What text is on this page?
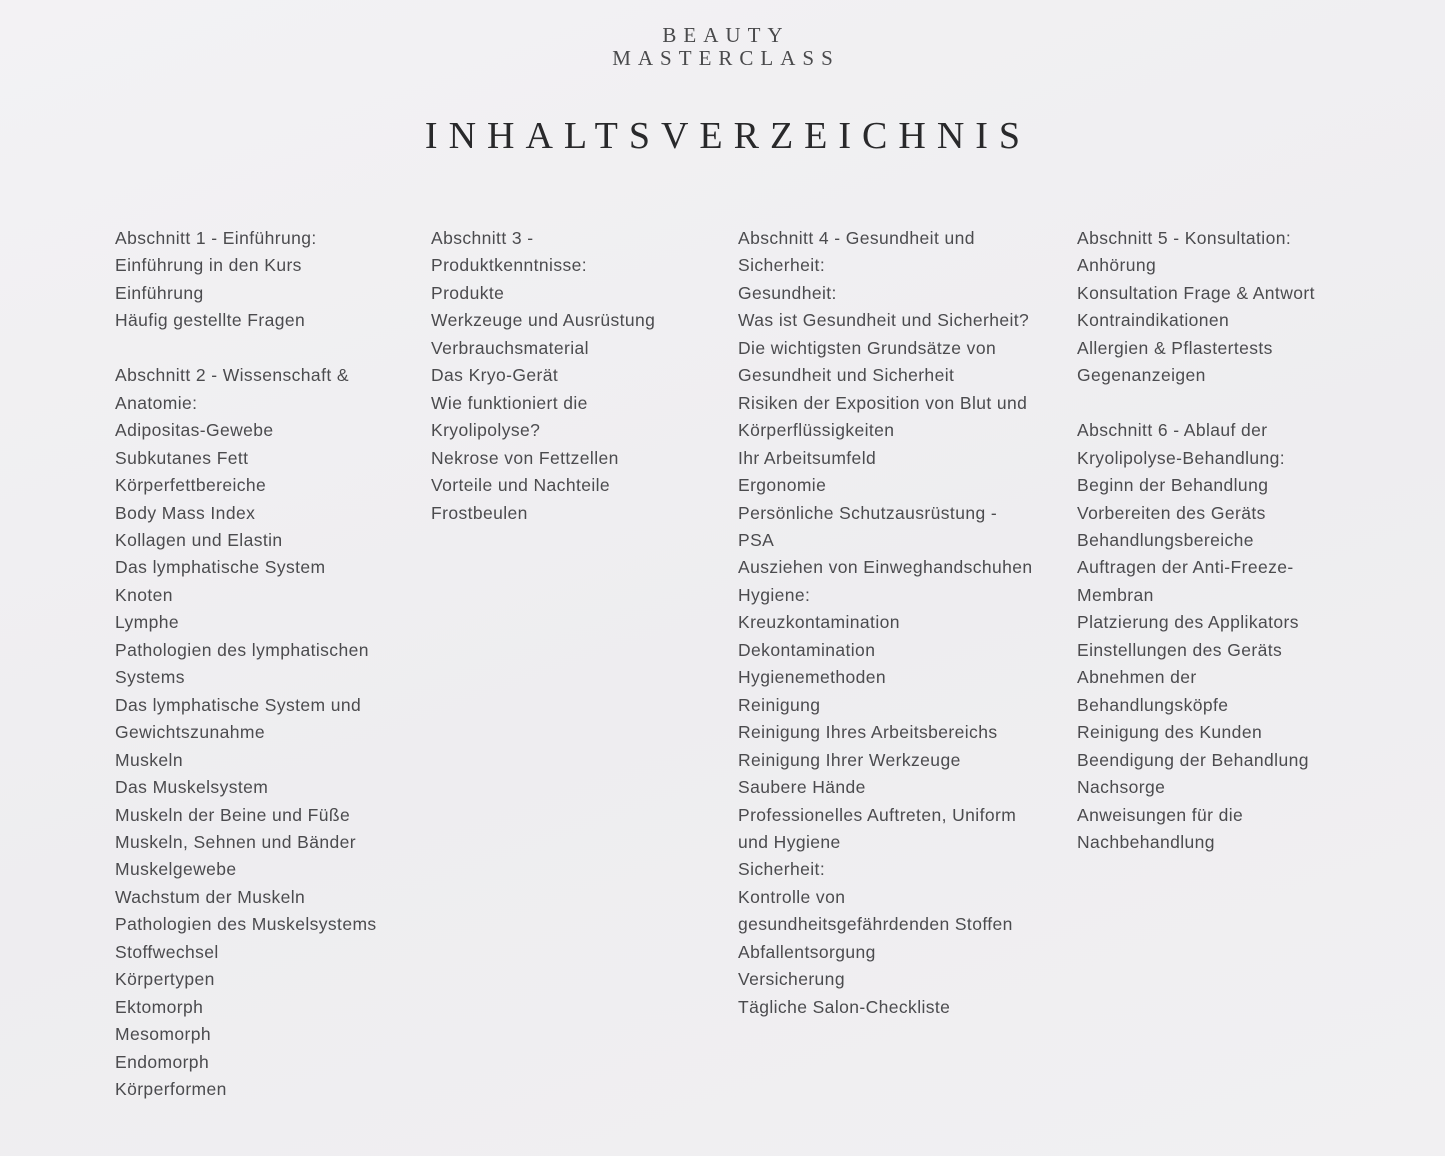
BEAUTY
MASTERCLASS
INHALTSVERZEICHNIS
Abschnitt 1 - Einführung:
Einführung in den Kurs
Einführung
Häufig gestellte Fragen
Abschnitt 2 - Wissenschaft &
Anatomie:
Adipositas-Gewebe
Subkutanes Fett
Körperfettbereiche
Body Mass Index
Kollagen und Elastin
Das lymphatische System
Knoten
Lymphe
Pathologien des lymphatischen
Systems
Das lymphatische System und
Gewichtszunahme
Muskeln
Das Muskelsystem
Muskeln der Beine und Füße
Muskeln, Sehnen und Bänder
Muskelgewebe
Wachstum der Muskeln
Pathologien des Muskelsystems
Stoffwechsel
Körpertypen
Ektomorph
Mesomorph
Endomorph
Körperformen
Abschnitt 3 -
Produktkenntnisse:
Produkte
Werkzeuge und Ausrüstung
Verbrauchsmaterial
Das Kryo-Gerät
Wie funktioniert die
Kryolipolyse?
Nekrose von Fettzellen
Vorteile und Nachteile
Frostbeulen
Abschnitt 4 - Gesundheit und
Sicherheit:
Gesundheit:
Was ist Gesundheit und Sicherheit?
Die wichtigsten Grundsätze von
Gesundheit und Sicherheit
Risiken der Exposition von Blut und
Körperflüssigkeiten
Ihr Arbeitsumfeld
Ergonomie
Persönliche Schutzausrüstung -
PSA
Ausziehen von Einweghandschuhen
Hygiene:
Kreuzkontamination
Dekontamination
Hygienemethoden
Reinigung
Reinigung Ihres Arbeitsbereichs
Reinigung Ihrer Werkzeuge
Saubere Hände
Professionelles Auftreten, Uniform
und Hygiene
Sicherheit:
Kontrolle von
gesundheitsgefährdenden Stoffen
Abfallentsorgung
Versicherung
Tägliche Salon-Checkliste
Abschnitt 5 - Konsultation:
Anhörung
Konsultation Frage & Antwort
Kontraindikationen
Allergien & Pflastertests
Gegenanzeigen
Abschnitt 6 - Ablauf der
Kryolipolyse-Behandlung:
Beginn der Behandlung
Vorbereiten des Geräts
Behandlungsbereiche
Auftragen der Anti-Freeze-
Membran
Platzierung des Applikators
Einstellungen des Geräts
Abnehmen der
Behandlungsköpfe
Reinigung des Kunden
Beendigung der Behandlung
Nachsorge
Anweisungen für die
Nachbehandlung
